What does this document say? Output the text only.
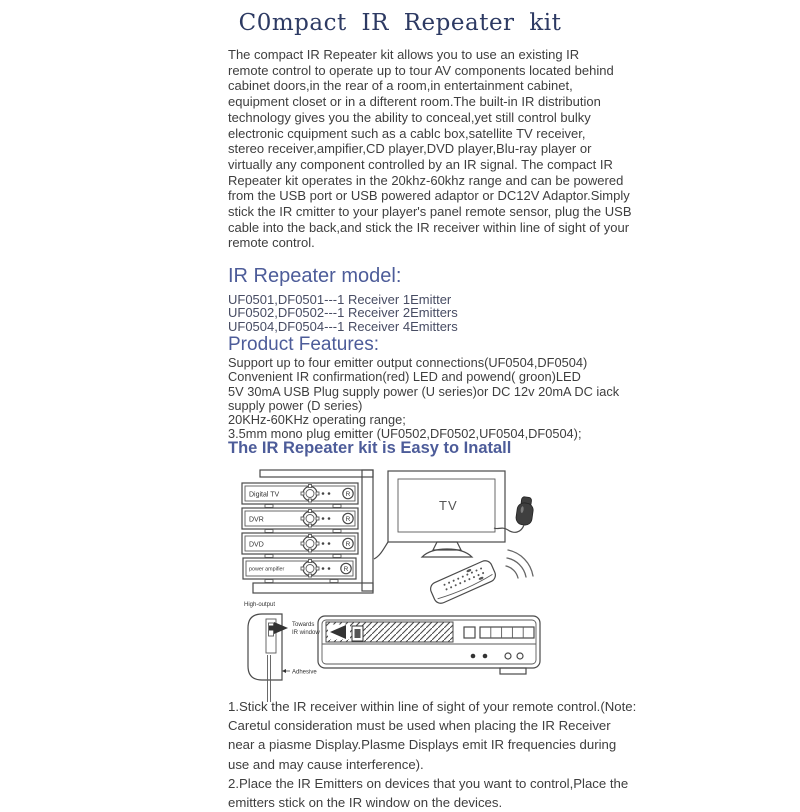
C0mpact IR Repeater kit
The compact IR Repeater kit allows you to use an existing IR
remote control to operate up to tour AV components located behind
cabinet doors,in the rear of a room,in entertainment cabinet,
equipment closet or in a difterent room.The built-in IR distribution
technology gives you the ability to conceal,yet still control bulky
electronic cquipment such as a cablc box,satellite TV receiver,
stereo receiver,ampifier,CD player,DVD player,Blu-ray player or
virtually any component controlled by an IR signal. The compact IR
Repeater kit operates in the 20khz-60khz range and can be powered
from the USB port or USB powered adaptor or DC12V Adaptor.Simply
stick the IR cmitter to your player's panel remote sensor, plug the USB
cable into the back,and stick the IR receiver within line of sight of your
remote control.
IR Repeater model:
UF0501,DF0501---1 Receiver 1Emitter
UF0502,DF0502---1 Receiver 2Emitters
UF0504,DF0504---1 Receiver 4Emitters
Product Features:
Support up to four emitter output connections(UF0504,DF0504)
Convenient IR confirmation(red) LED and powend( groon)LED
5V 30mA USB Plug supply power (U series)or DC 12v 20mA DC iack
supply power (D series)
20KHz-60KHz operating range;
3.5mm mono plug emitter (UF0502,DF0502,UF0504,DF0504);
The IR Repeater kit is Easy to Inatall
Digital TV	R
DVR	R
DVD	R
power ampifier	R
TV
High-output
Towards
IR window
Adhesive
1.Stick the IR receiver within line of sight of your remote control.(Note:
Caretul consideration must be used when placing the IR Receiver
near a piasme Display.Plasme Displays emit IR frequencies during
use and may cause interference).
2.Place the IR Emitters on devices that you want to control,Place the
emitters stick on the IR window on the devices.
